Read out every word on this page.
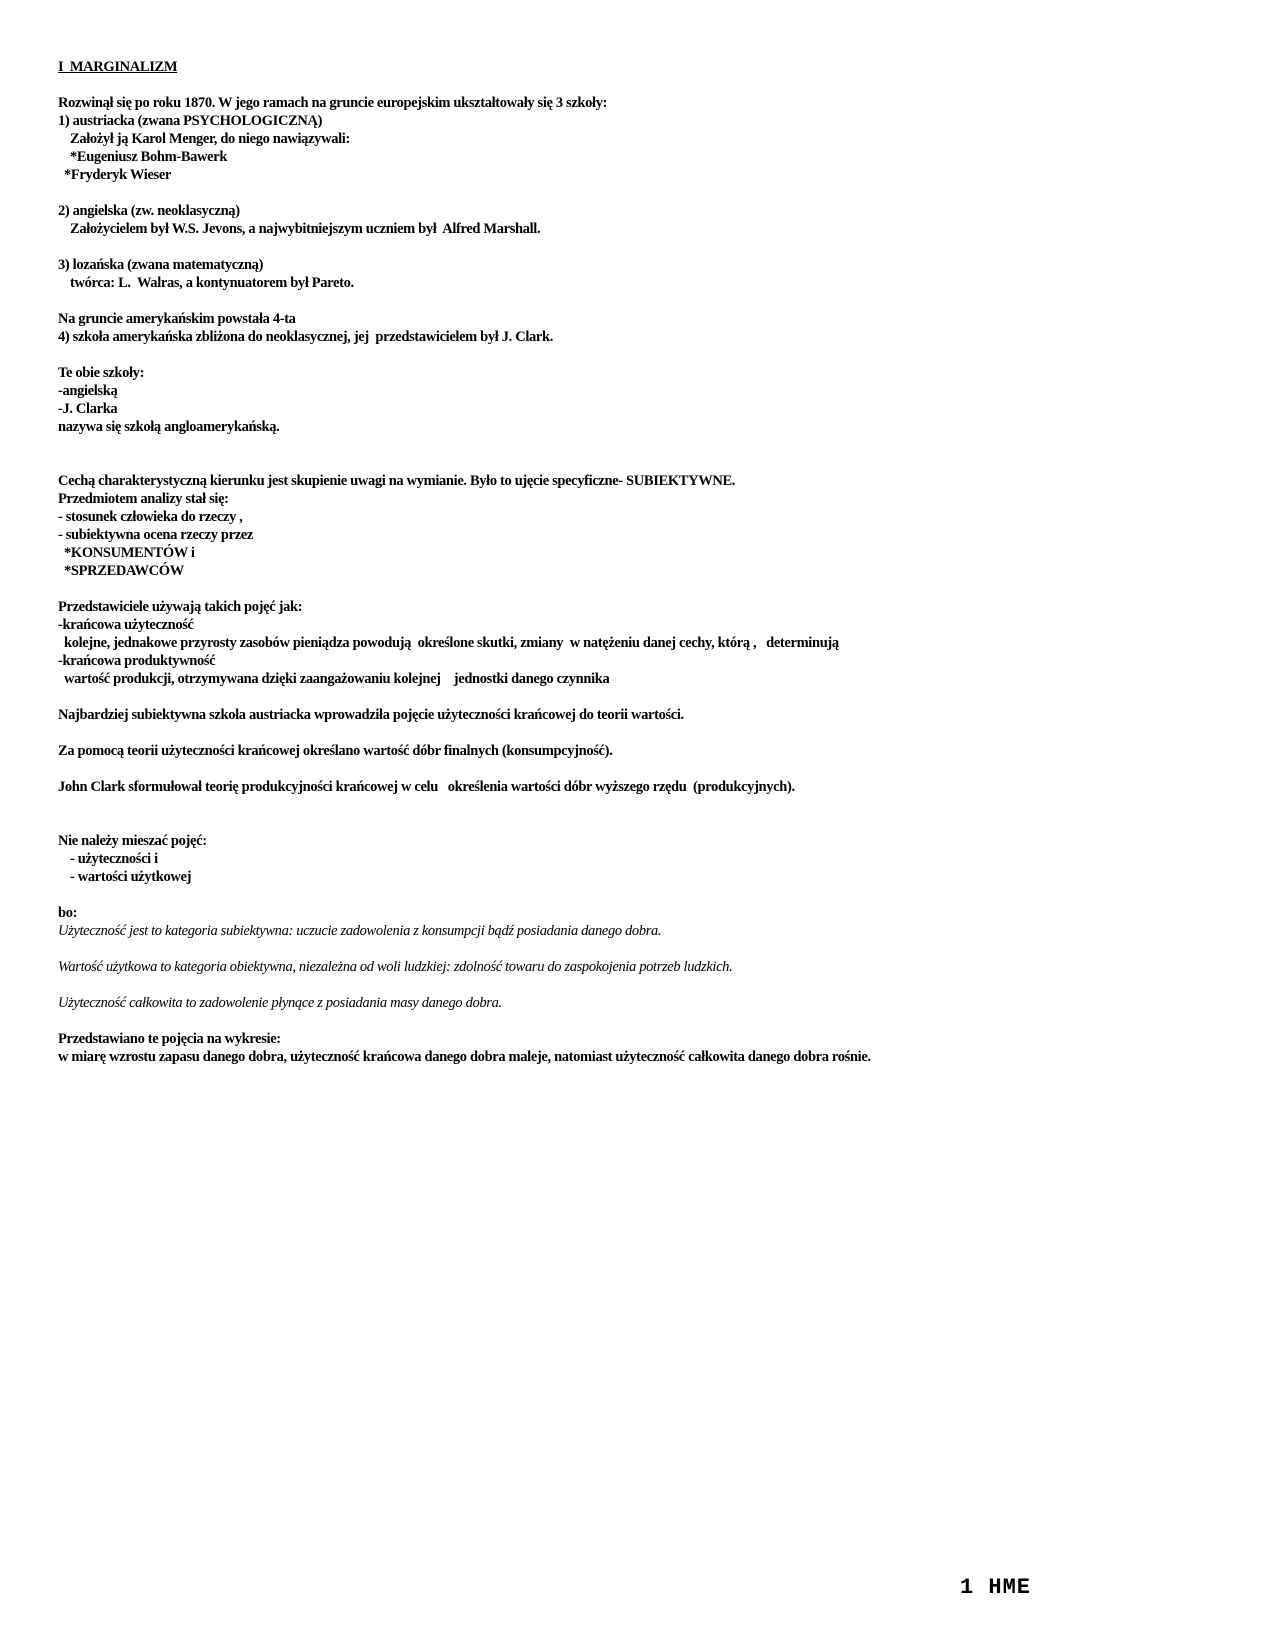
I  MARGINALIZM
Rozwinął się po roku 1870. W jego ramach na gruncie europejskim ukształtowały się 3 szkoły:
1) austriacka (zwana PSYCHOLOGICZNĄ)
Założył ją Karol Menger, do niego nawiązywali:
*Eugeniusz Bohm-Bawerk
*Fryderyk Wieser
2) angielska (zw. neoklasyczną)
Założycielem był W.S. Jevons, a najwybitniejszym uczniem był  Alfred Marshall.
3) lozańska (zwana matematyczną)
twórca: L.  Walras, a kontynuatorem był Pareto.
Na gruncie amerykańskim powstała 4-ta
4) szkoła amerykańska zbliżona do neoklasycznej, jej  przedstawicielem był J. Clark.
Te obie szkoły:
-angielską
-J. Clarka
nazywa się szkołą angloamerykańską.
Cechą charakterystyczną kierunku jest skupienie uwagi na wymianie. Było to ujęcie specyficzne- SUBIEKTYWNE.
Przedmiotem analizy stał się:
- stosunek człowieka do rzeczy ,
- subiektywna ocena rzeczy przez
*KONSUMENTÓW i
*SPRZEDAWCÓW
Przedstawiciele używają takich pojęć jak:
-krańcowa użyteczność
kolejne, jednakowe przyrosty zasobów pieniądza powodują  określone skutki, zmiany  w natężeniu danej cechy, którą ,   determinują
-krańcowa produktywność
wartość produkcji, otrzymywana dzięki zaangażowaniu kolejnej    jednostki danego czynnika
Najbardziej subiektywna szkoła austriacka wprowadziła pojęcie użyteczności krańcowej do teorii wartości.
Za pomocą teorii użyteczności krańcowej określano wartość dóbr finalnych (konsumpcyjność).
John Clark sformułował teorię produkcyjności krańcowej w celu   określenia wartości dóbr wyższego rzędu  (produkcyjnych).
Nie należy mieszać pojęć:
- użyteczności i
- wartości użytkowej
bo:
Użyteczność jest to kategoria subiektywna: uczucie zadowolenia z konsumpcji bądź posiadania danego dobra.
Wartość użytkowa to kategoria obiektywna, niezależna od woli ludzkiej: zdolność towaru do zaspokojenia potrzeb ludzkich.
Użyteczność całkowita to zadowolenie płynące z posiadania masy danego dobra.
Przedstawiano te pojęcia na wykresie:
w miarę wzrostu zapasu danego dobra, użyteczność krańcowa danego dobra maleje, natomiast użyteczność całkowita danego dobra rośnie.
1 HME
